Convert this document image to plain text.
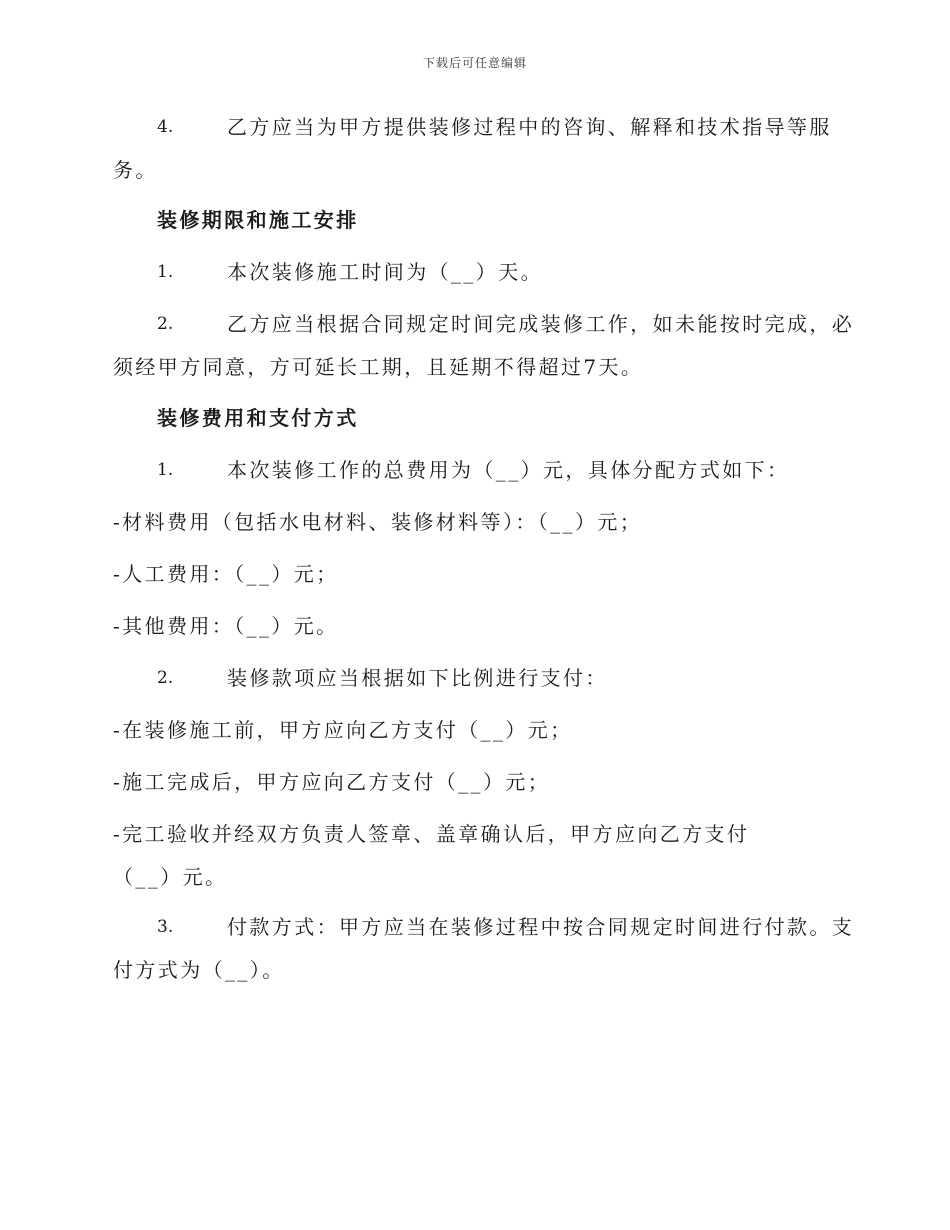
下载后可任意编辑
4.	乙方应当为甲方提供装修过程中的咨询、解释和技术指导等服
务。
装修期限和施工安排
1.	本次装修施工时间为（__）天。
2.	乙方应当根据合同规定时间完成装修工作，如未能按时完成，必
须经甲方同意，方可延长工期，且延期不得超过7天。
装修费用和支付方式
1.	本次装修工作的总费用为（__）元，具体分配方式如下：
-材料费用（包括水电材料、装修材料等）：（__）元；
-人工费用：（__）元；
-其他费用：（__）元。
2.	装修款项应当根据如下比例进行支付：
-在装修施工前，甲方应向乙方支付（__）元；
-施工完成后，甲方应向乙方支付（__）元；
-完工验收并经双方负责人签章、盖章确认后，甲方应向乙方支付
（__）元。
3.	付款方式：甲方应当在装修过程中按合同规定时间进行付款。支
付方式为（__）。
